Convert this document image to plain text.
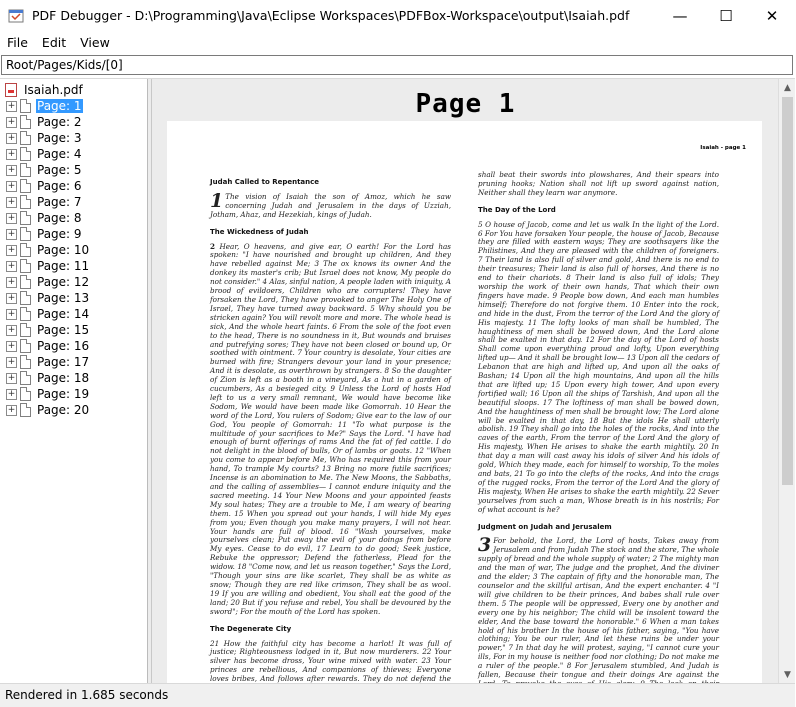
PDF Debugger - D:\Programming\Java\Eclipse Workspaces\PDFBox-Workspace\output\Isaiah.pdf	—	☐	✕
File	Edit	View
Root/Pages/Kids/[0]
Isaiah.pdf
+ Page: 1
+ Page: 2
+ Page: 3
+ Page: 4
+ Page: 5
+ Page: 6
+ Page: 7
+ Page: 8
+ Page: 9
+ Page: 10
+ Page: 11
+ Page: 12
+ Page: 13
+ Page: 14
+ Page: 15
+ Page: 16
+ Page: 17
+ Page: 18
+ Page: 19
+ Page: 20
Page 1
Isaiah - page 1
Judah Called to Repentance

1 The vision of Isaiah the son of Amoz, which he saw concerning Judah and Jerusalem in the days of Uzziah, Jotham, Ahaz, and Hezekiah, kings of Judah.

The Wickedness of Judah

2 Hear, O heavens, and give ear, O earth! For the Lord has spoken: "I have nourished and brought up children, And they have rebelled against Me; 3 The ox knows its owner And the donkey its master's crib; But Israel does not know, My people do not consider." 4 Alas, sinful nation, A people laden with iniquity, A brood of evildoers, Children who are corrupters! They have forsaken the Lord, They have provoked to anger The Holy One of Israel, They have turned away backward. 5 Why should you be stricken again? You will revolt more and more. The whole head is sick, And the whole heart faints. 6 From the sole of the foot even to the head, There is no soundness in it, But wounds and bruises and putrefying sores; They have not been closed or bound up, Or soothed with ointment. 7 Your country is desolate, Your cities are burned with fire; Strangers devour your land in your presence; And it is desolate, as overthrown by strangers. 8 So the daughter of Zion is left as a booth in a vineyard, As a hut in a garden of cucumbers, As a besieged city. 9 Unless the Lord of hosts Had left to us a very small remnant, We would have become like Sodom, We would have been made like Gomorrah. 10 Hear the word of the Lord, You rulers of Sodom; Give ear to the law of our God, You people of Gomorrah: 11 "To what purpose is the multitude of your sacrifices to Me?" Says the Lord. "I have had enough of burnt offerings of rams And the fat of fed cattle. I do not delight in the blood of bulls, Or of lambs or goats. 12 "When you come to appear before Me, Who has required this from your hand, To trample My courts? 13 Bring no more futile sacrifices; Incense is an abomination to Me. The New Moons, the Sabbaths, and the calling of assemblies— I cannot endure iniquity and the sacred meeting. 14 Your New Moons and your appointed feasts My soul hates; They are a trouble to Me, I am weary of bearing them. 15 When you spread out your hands, I will hide My eyes from you; Even though you make many prayers, I will not hear. Your hands are full of blood. 16 "Wash yourselves, make yourselves clean; Put away the evil of your doings from before My eyes. Cease to do evil, 17 Learn to do good; Seek justice, Rebuke the oppressor; Defend the fatherless, Plead for the widow. 18 "Come now, and let us reason together," Says the Lord, "Though your sins are like scarlet, They shall be as white as snow; Though they are red like crimson, They shall be as wool. 19 If you are willing and obedient, You shall eat the good of the land; 20 But if you refuse and rebel, You shall be devoured by the sword"; For the mouth of the Lord has spoken.

The Degenerate City

21 How the faithful city has become a harlot! It was full of justice; Righteousness lodged in it, But now murderers. 22 Your silver has become dross, Your wine mixed with water. 23 Your princes are rebellious, And companions of thieves; Everyone loves bribes, And follows after rewards. They do not defend the

shall beat their swords into plowshares, And their spears into pruning hooks; Nation shall not lift up sword against nation, Neither shall they learn war anymore.

The Day of the Lord

5 O house of Jacob, come and let us walk In the light of the Lord. 6 For You have forsaken Your people, the house of Jacob, Because they are filled with eastern ways; They are soothsayers like the Philistines, And they are pleased with the children of foreigners. 7 Their land is also full of silver and gold, And there is no end to their treasures; Their land is also full of horses, And there is no end to their chariots. 8 Their land is also full of idols; They worship the work of their own hands, That which their own fingers have made. 9 People bow down, And each man humbles himself; Therefore do not forgive them. 10 Enter into the rock, and hide in the dust, From the terror of the Lord And the glory of His majesty. 11 The lofty looks of man shall be humbled, The haughtiness of men shall be bowed down, And the Lord alone shall be exalted in that day. 12 For the day of the Lord of hosts Shall come upon everything proud and lofty, Upon everything lifted up— And it shall be brought low— 13 Upon all the cedars of Lebanon that are high and lifted up, And upon all the oaks of Bashan; 14 Upon all the high mountains, And upon all the hills that are lifted up; 15 Upon every high tower, And upon every fortified wall; 16 Upon all the ships of Tarshish, And upon all the beautiful sloops. 17 The loftiness of man shall be bowed down, And the haughtiness of men shall be brought low; The Lord alone will be exalted in that day, 18 But the idols He shall utterly abolish. 19 They shall go into the holes of the rocks, And into the caves of the earth, From the terror of the Lord And the glory of His majesty, When He arises to shake the earth mightily. 20 In that day a man will cast away his idols of silver And his idols of gold, Which they made, each for himself to worship, To the moles and bats, 21 To go into the clefts of the rocks, And into the crags of the rugged rocks, From the terror of the Lord And the glory of His majesty, When He arises to shake the earth mightily. 22 Sever yourselves from such a man, Whose breath is in his nostrils; For of what account is he?

Judgment on Judah and Jerusalem

3 For behold, the Lord, the Lord of hosts, Takes away from Jerusalem and from Judah The stock and the store, The whole supply of bread and the whole supply of water; 2 The mighty man and the man of war, The judge and the prophet, And the diviner and the elder; 3 The captain of fifty and the honorable man, The counselor and the skillful artisan, And the expert enchanter. 4 "I will give children to be their princes, And babes shall rule over them. 5 The people will be oppressed, Every one by another and every one by his neighbor; The child will be insolent toward the elder, And the base toward the honorable." 6 When a man takes hold of his brother In the house of his father, saying, "You have clothing; You be our ruler, And let these ruins be under your power," 7 In that day he will protest, saying, "I cannot cure your ills, For in my house is neither food nor clothing; Do not make me a ruler of the people." 8 For Jerusalem stumbled, And Judah is fallen, Because their tongue and their doings Are against the

▲
▼
Rendered in 1.685 seconds
